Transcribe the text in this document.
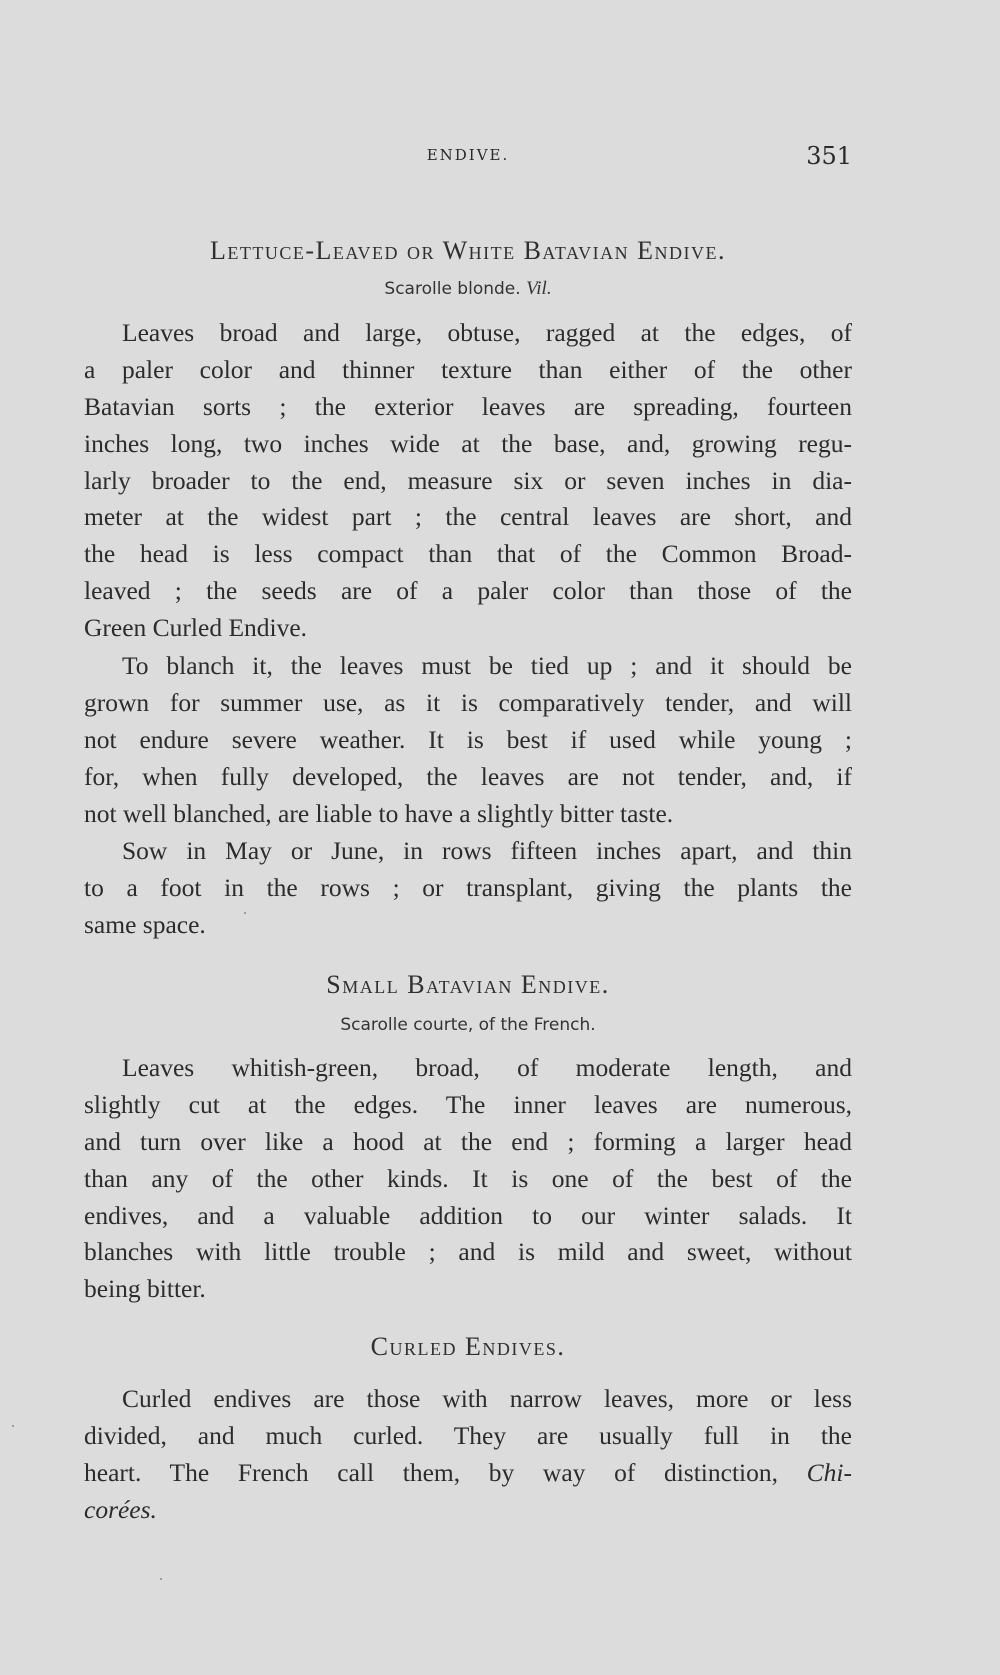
ENDIVE.	351
Lettuce-Leaved or White Batavian Endive.
Scarolle blonde. Vil.
Leaves broad and large, obtuse, ragged at the edges, of
a paler color and thinner texture than either of the other
Batavian sorts ; the exterior leaves are spreading, fourteen
inches long, two inches wide at the base, and, growing regu-
larly broader to the end, measure six or seven inches in dia-
meter at the widest part ; the central leaves are short, and
the head is less compact than that of the Common Broad-
leaved ; the seeds are of a paler color than those of the
Green Curled Endive.
To blanch it, the leaves must be tied up ; and it should be
grown for summer use, as it is comparatively tender, and will
not endure severe weather. It is best if used while young ;
for, when fully developed, the leaves are not tender, and, if
not well blanched, are liable to have a slightly bitter taste.
Sow in May or June, in rows fifteen inches apart, and thin
to a foot in the rows ; or transplant, giving the plants the
same space.
Small Batavian Endive.
Scarolle courte, of the French.
Leaves whitish-green, broad, of moderate length, and
slightly cut at the edges. The inner leaves are numerous,
and turn over like a hood at the end ; forming a larger head
than any of the other kinds. It is one of the best of the
endives, and a valuable addition to our winter salads. It
blanches with little trouble ; and is mild and sweet, without
being bitter.
Curled Endives.
Curled endives are those with narrow leaves, more or less
divided, and much curled. They are usually full in the
heart. The French call them, by way of distinction, Chi-
corées.
